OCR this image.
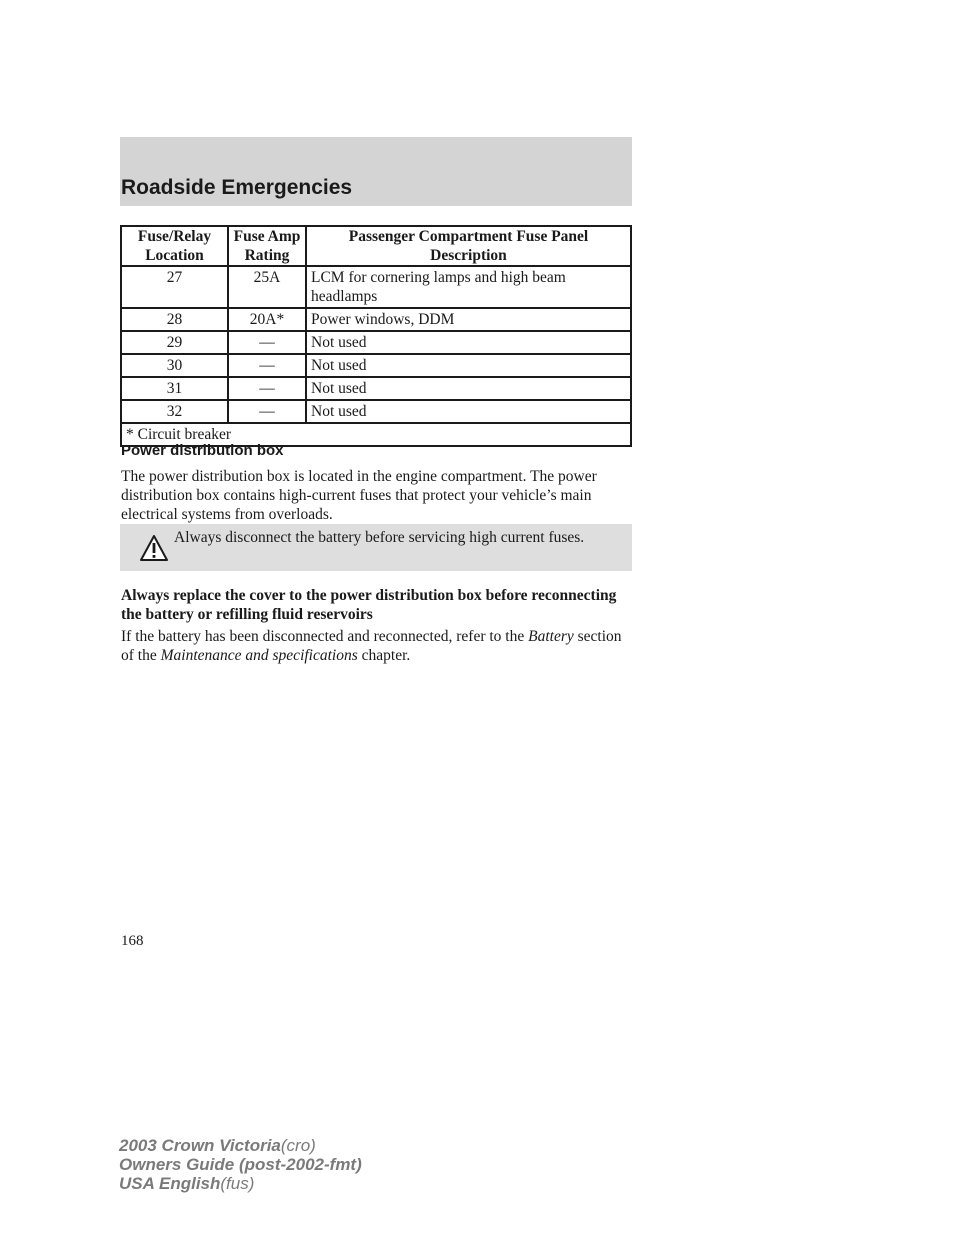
Roadside Emergencies
Fuse/Relay Location	Fuse Amp Rating	Passenger Compartment Fuse Panel Description
27	25A	LCM for cornering lamps and high beam headlamps
28	20A*	Power windows, DDM
29	—	Not used
30	—	Not used
31	—	Not used
32	—	Not used
* Circuit breaker		
Power distribution box

The power distribution box is located in the engine compartment. The power distribution box contains high-current fuses that protect your vehicle’s main electrical systems from overloads.

Always disconnect the battery before servicing high current fuses.

Always replace the cover to the power distribution box before reconnecting the battery or refilling fluid reservoirs

If the battery has been disconnected and reconnected, refer to the Battery section of the Maintenance and specifications chapter.

168

2003 Crown Victoria(cro)
Owners Guide (post-2002-fmt)
USA English(fus)
